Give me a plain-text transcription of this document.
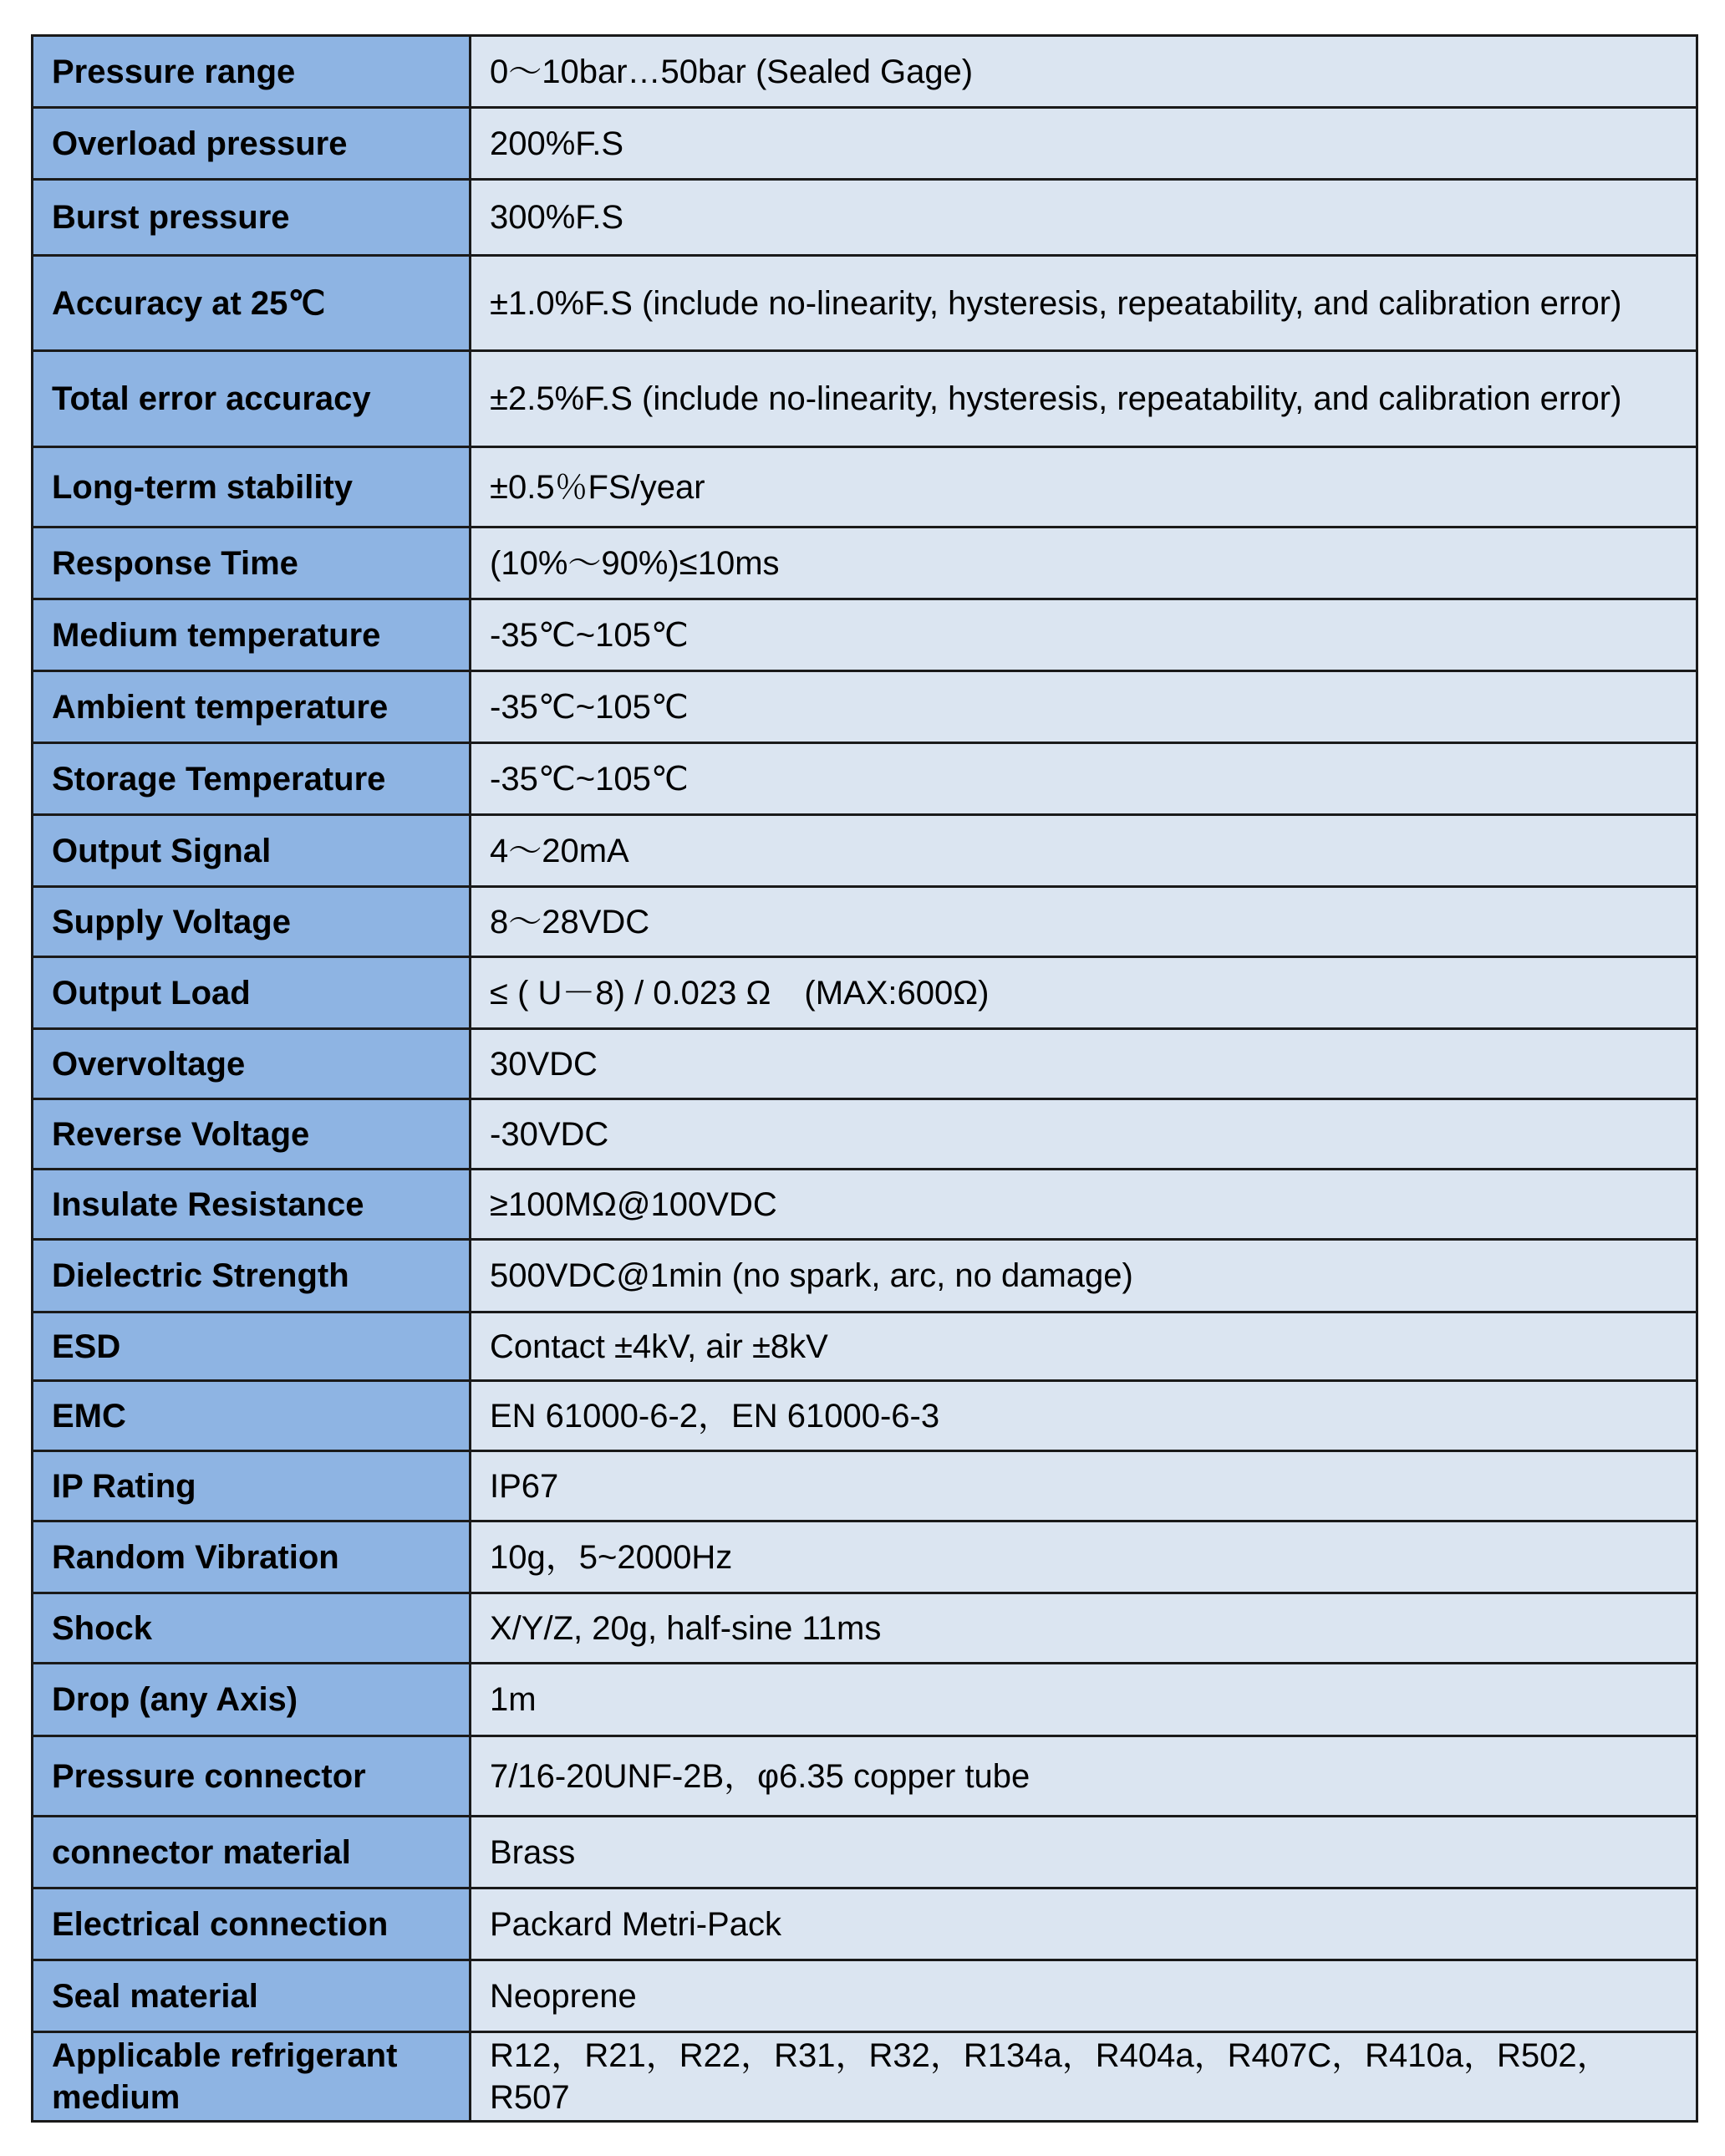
Pressure range	0～10bar…50bar (Sealed Gage)
Overload pressure	200%F.S
Burst pressure	300%F.S
Accuracy at 25℃	±1.0%F.S (include no-linearity, hysteresis, repeatability, and calibration error)
Total error accuracy	±2.5%F.S (include no-linearity, hysteresis, repeatability, and calibration error)
Long-term stability	±0.5％FS/year
Response Time	(10%～90%)≤10ms
Medium temperature	-35℃~105℃
Ambient temperature	-35℃~105℃
Storage Temperature	-35℃~105℃
Output Signal	4～20mA
Supply Voltage	8～28VDC
Output Load	≤ ( U－8) / 0.023 Ω　(MAX:600Ω)
Overvoltage	30VDC
Reverse Voltage	-30VDC
Insulate Resistance	≥100MΩ@100VDC
Dielectric Strength	500VDC@1min (no spark, arc, no damage)
ESD	Contact ±4kV, air ±8kV
EMC	EN 61000-6-2，EN 61000-6-3
IP Rating	IP67
Random Vibration	10g，5~2000Hz
Shock	X/Y/Z, 20g, half-sine 11ms
Drop (any Axis)	1m
Pressure connector	7/16-20UNF-2B，φ6.35 copper tube
connector material	Brass
Electrical connection	Packard Metri-Pack
Seal material	Neoprene
Applicable refrigerant medium	R12，R21，R22，R31，R32，R134a，R404a，R407C，R410a，R502，R507
